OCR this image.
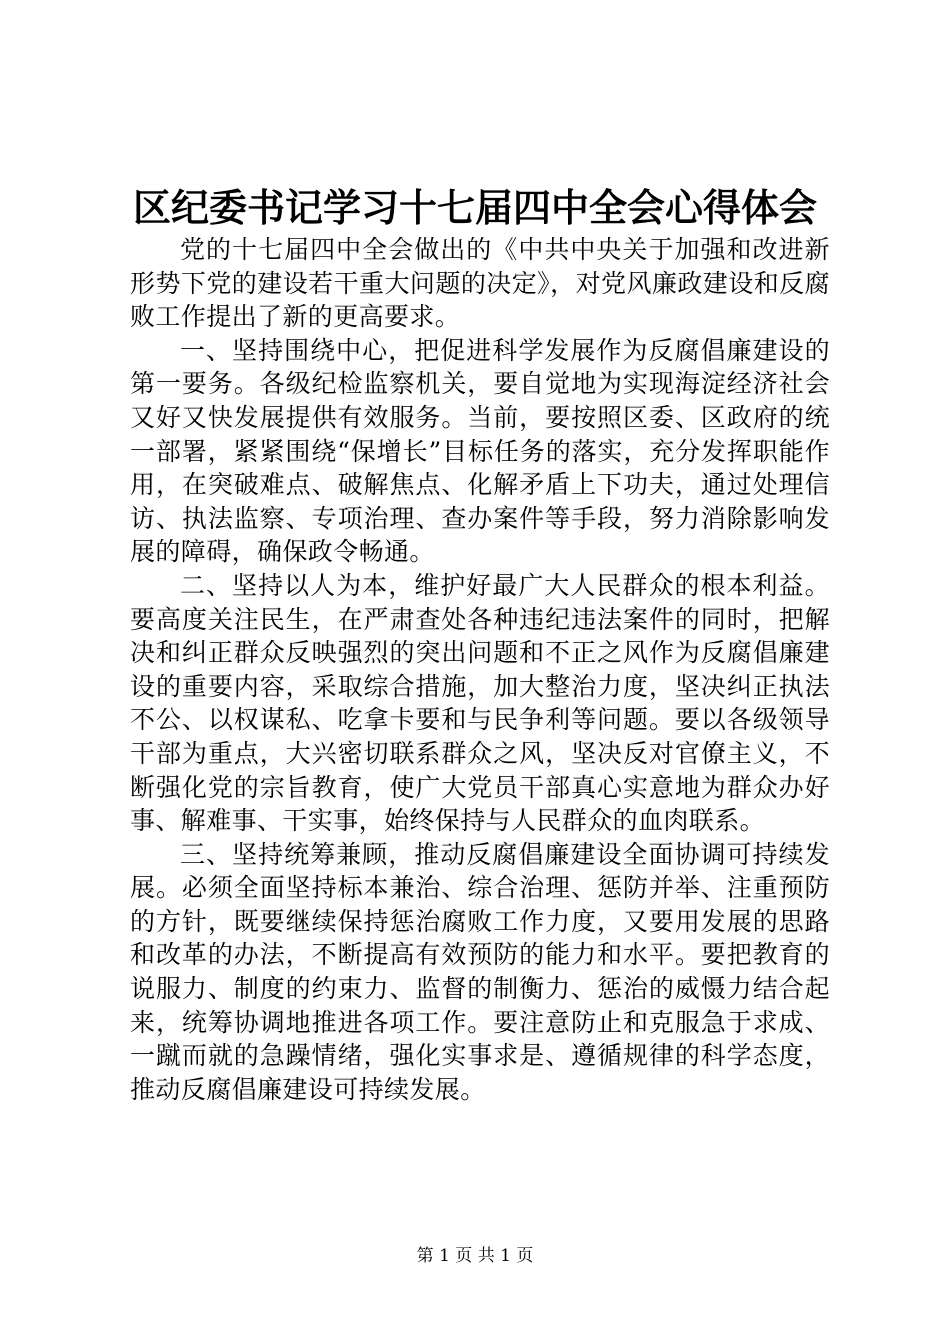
区纪委书记学习十七届四中全会心得体会

党的十七届四中全会做出的《中共中央关于加强和改进新形势下党的建设若干重大问题的决定》，对党风廉政建设和反腐败工作提出了新的更高要求。

一、坚持围绕中心，把促进科学发展作为反腐倡廉建设的第一要务。各级纪检监察机关，要自觉地为实现海淀经济社会又好又快发展提供有效服务。当前，要按照区委、区政府的统一部署，紧紧围绕“保增长”目标任务的落实，充分发挥职能作用，在突破难点、破解焦点、化解矛盾上下功夫，通过处理信访、执法监察、专项治理、查办案件等手段，努力消除影响发展的障碍，确保政令畅通。

二、坚持以人为本，维护好最广大人民群众的根本利益。要高度关注民生，在严肃查处各种违纪违法案件的同时，把解决和纠正群众反映强烈的突出问题和不正之风作为反腐倡廉建设的重要内容，采取综合措施，加大整治力度，坚决纠正执法不公、以权谋私、吃拿卡要和与民争利等问题。要以各级领导干部为重点，大兴密切联系群众之风，坚决反对官僚主义，不断强化党的宗旨教育，使广大党员干部真心实意地为群众办好事、解难事、干实事，始终保持与人民群众的血肉联系。

三、坚持统筹兼顾，推动反腐倡廉建设全面协调可持续发展。必须全面坚持标本兼治、综合治理、惩防并举、注重预防的方针，既要继续保持惩治腐败工作力度，又要用发展的思路和改革的办法，不断提高有效预防的能力和水平。要把教育的说服力、制度的约束力、监督的制衡力、惩治的威慑力结合起来，统筹协调地推进各项工作。要注意防止和克服急于求成、一蹴而就的急躁情绪，强化实事求是、遵循规律的科学态度，推动反腐倡廉建设可持续发展。

第 1 页 共 1 页
